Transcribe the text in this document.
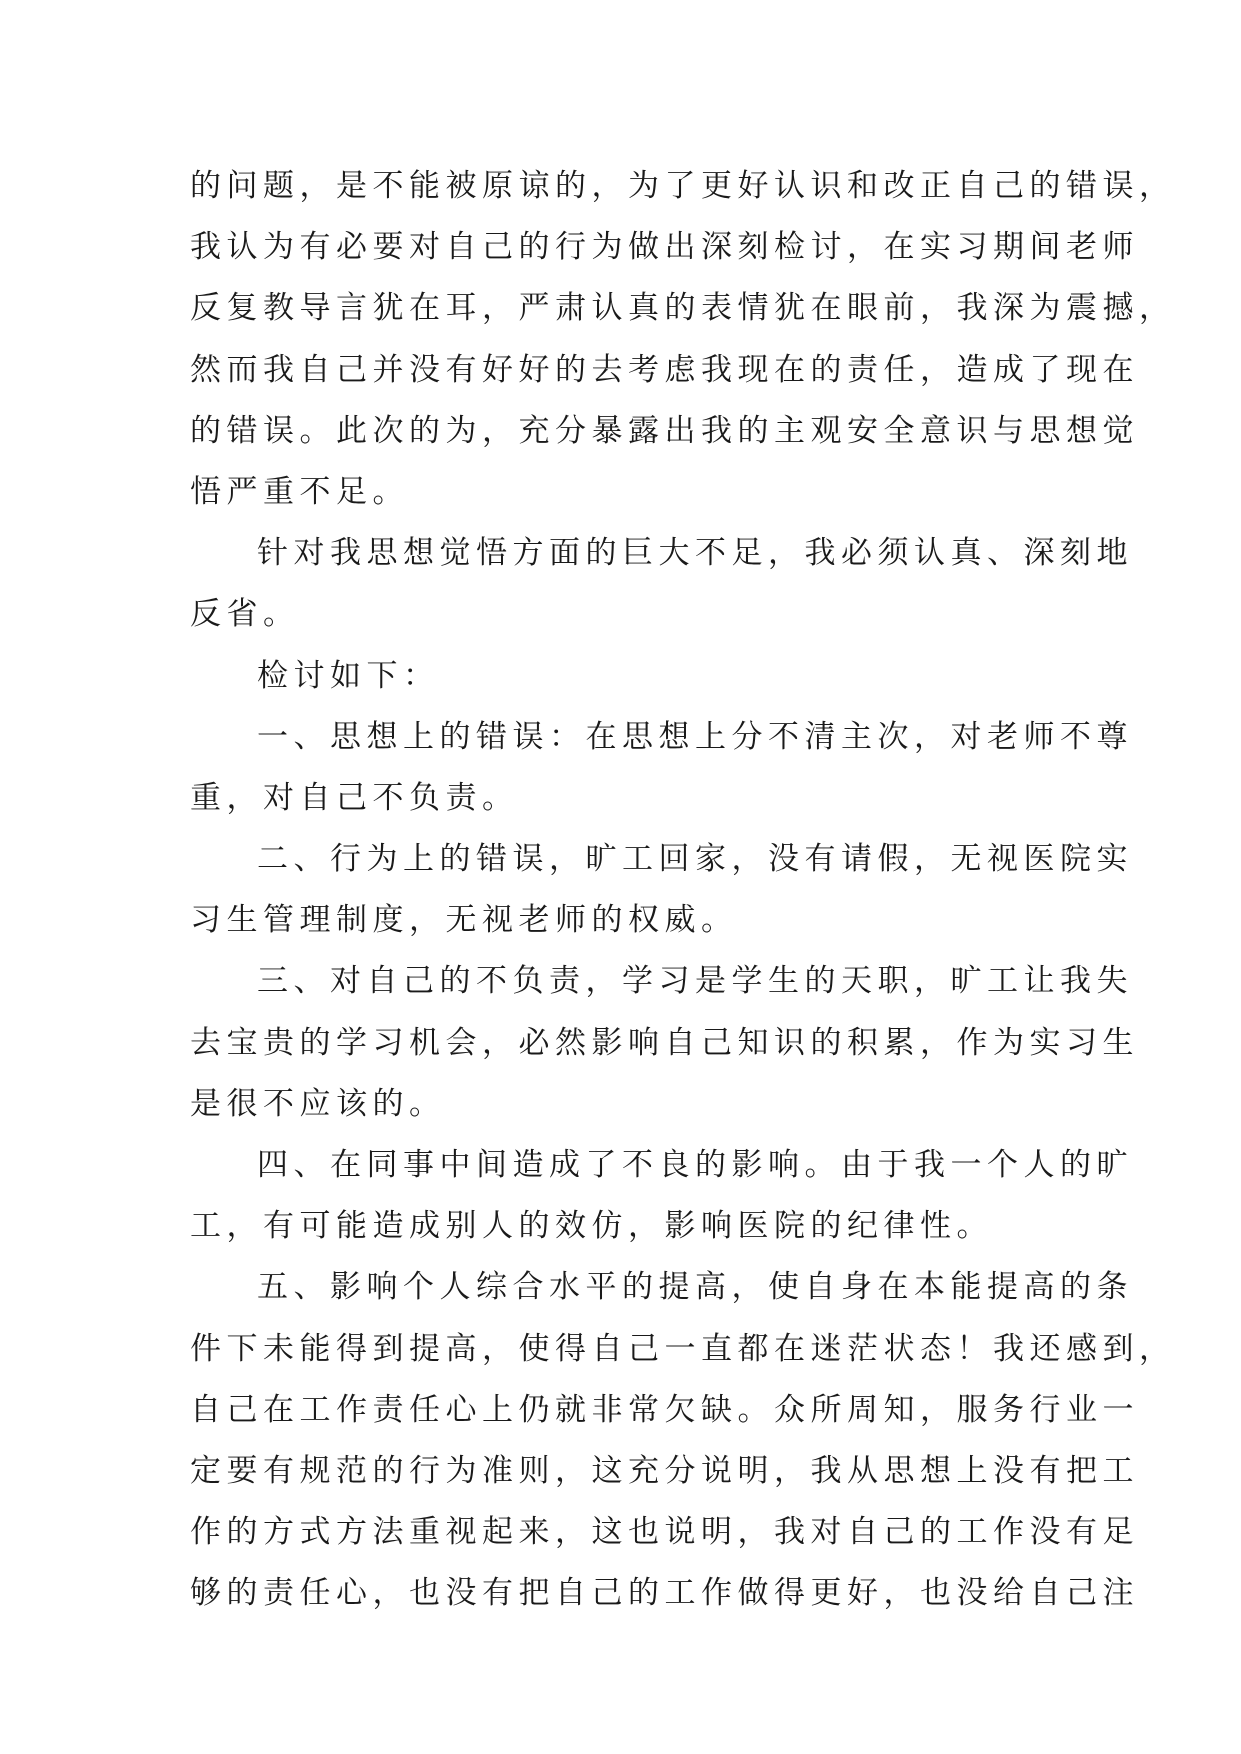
的问题，是不能被原谅的，为了更好认识和改正自己的错误，
我认为有必要对自己的行为做出深刻检讨，在实习期间老师
反复教导言犹在耳，严肃认真的表情犹在眼前，我深为震撼，
然而我自己并没有好好的去考虑我现在的责任，造成了现在
的错误。此次的为，充分暴露出我的主观安全意识与思想觉
悟严重不足。
针对我思想觉悟方面的巨大不足，我必须认真、深刻地
反省。
检讨如下：
一、思想上的错误：在思想上分不清主次，对老师不尊
重，对自己不负责。
二、行为上的错误，旷工回家，没有请假，无视医院实
习生管理制度，无视老师的权威。
三、对自己的不负责，学习是学生的天职，旷工让我失
去宝贵的学习机会，必然影响自己知识的积累，作为实习生
是很不应该的。
四、在同事中间造成了不良的影响。由于我一个人的旷
工，有可能造成别人的效仿，影响医院的纪律性。
五、影响个人综合水平的提高，使自身在本能提高的条
件下未能得到提高，使得自己一直都在迷茫状态！我还感到，
自己在工作责任心上仍就非常欠缺。众所周知，服务行业一
定要有规范的行为准则，这充分说明，我从思想上没有把工
作的方式方法重视起来，这也说明，我对自己的工作没有足
够的责任心，也没有把自己的工作做得更好，也没给自己注
